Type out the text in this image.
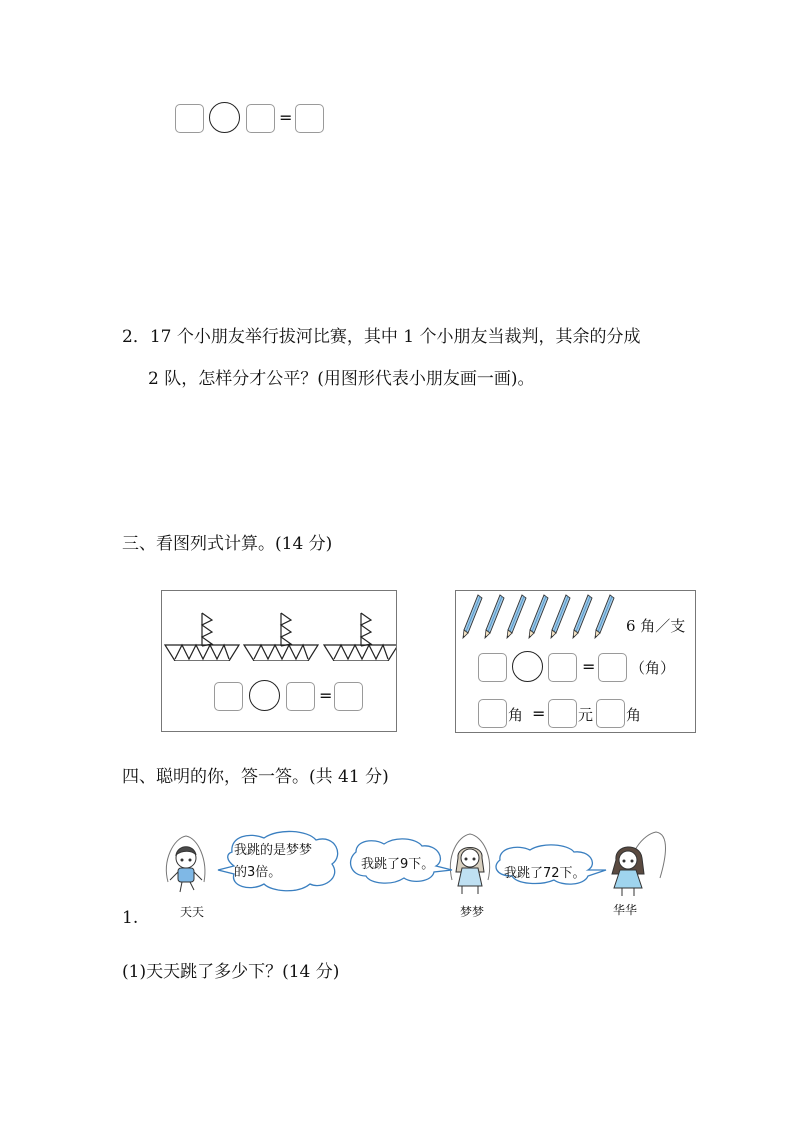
=
2．17 个小朋友举行拔河比赛，其中 1 个小朋友当裁判，其余的分成
2 队，怎样分才公平？(用图形代表小朋友画一画)。
三、看图列式计算。(14 分)
=
6 角／支
= （角）
角 = 元 角
四、聪明的你，答一答。(共 41 分)
我跳的是梦梦
的3倍。
我跳了9下。
我跳了72下。
天天	梦梦	华华
1.
(1)天天跳了多少下？(14 分)
